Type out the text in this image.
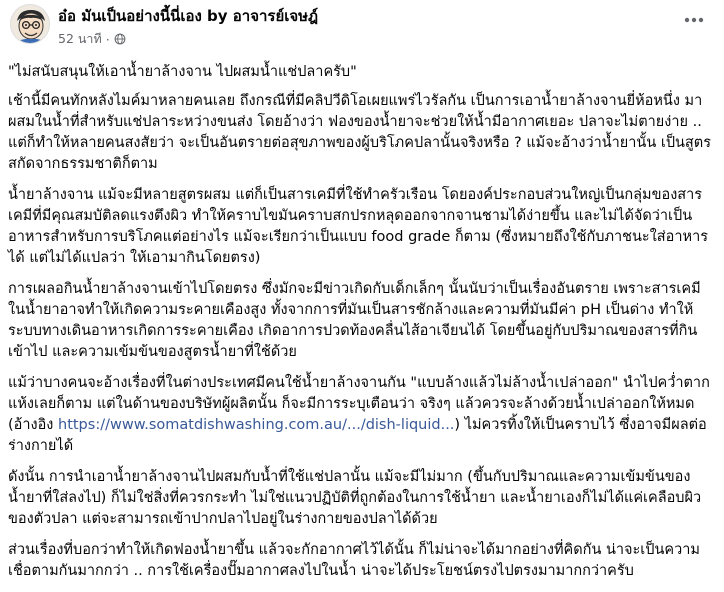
อ๋อ มันเป็นอย่างนี้นี่เอง by อาจารย์เจษฎ์
52 นาที ·

"ไม่สนับสนุนให้เอาน้ำยาล้างจาน ไปผสมน้ำแช่ปลาครับ"

เช้านี้มีคนทักหลังไมค์มาหลายคนเลย ถึงกรณีที่มีคลิปวีดิโอเผยแพร่ไวรัลกัน เป็นการเอาน้ำยาล้างจานยี่ห้อหนึ่ง มาผสมในน้ำที่สำหรับแช่ปลาระหว่างขนส่ง โดยอ้างว่า ฟองของน้ำยาจะช่วยให้น้ำมีอากาศเยอะ ปลาจะไม่ตายง่าย .. แต่ก็ทำให้หลายคนสงสัยว่า จะเป็นอันตรายต่อสุขภาพของผู้บริโภคปลานั้นจริงหรือ ? แม้จะอ้างว่าน้ำยานั้น เป็นสูตรสกัดจากธรรมชาติก็ตาม

น้ำยาล้างจาน แม้จะมีหลายสูตรผสม แต่ก็เป็นสารเคมีที่ใช้ทำครัวเรือน โดยองค์ประกอบส่วนใหญ่เป็นกลุ่มของสารเคมีที่มีคุณสมบัติลดแรงตึงผิว ทำให้คราบไขมันคราบสกปรกหลุดออกจากจานชามได้ง่ายขึ้น และไม่ได้จัดว่าเป็นอาหารสำหรับการบริโภคแต่อย่างไร แม้จะเรียกว่าเป็นแบบ food grade ก็ตาม (ซึ่งหมายถึงใช้กับภาชนะใส่อาหารได้ แต่ไม่ได้แปลว่า ให้เอามากินโดยตรง)

การเผลอกินน้ำยาล้างจานเข้าไปโดยตรง ซึ่งมักจะมีข่าวเกิดกับเด็กเล็กๆ นั้นนับว่าเป็นเรื่องอันตราย เพราะสารเคมีในน้ำยาอาจทำให้เกิดความระคายเคืองสูง ทั้งจากการที่มันเป็นสารชักล้างและความที่มันมีค่า pH เป็นด่าง ทำให้ระบบทางเดินอาหารเกิดการระคายเคือง เกิดอาการปวดท้องคลื่นไส้อาเจียนได้ โดยขึ้นอยู่กับปริมาณของสารที่กินเข้าไป และความเข้มข้นของสูตรน้ำยาที่ใช้ด้วย

แม้ว่าบางคนจะอ้างเรื่องที่ในต่างประเทศมีคนใช้น้ำยาล้างจานกัน "แบบล้างแล้วไม่ล้างน้ำเปล่าออก" นำไปคว่ำตากแห้งเลยก็ตาม แต่ในด้านของบริษัทผู้ผลิตนั้น ก็จะมีการระบุเตือนว่า จริงๆ แล้วควรจะล้างด้วยน้ำเปล่าออกให้หมด (อ้างอิง https://www.somatdishwashing.com.au/.../dish-liquid...) ไม่ควรทิ้งให้เป็นคราบไว้ ซึ่งอาจมีผลต่อร่างกายได้

ดังนั้น การนำเอาน้ำยาล้างจานไปผสมกับน้ำที่ใช้แช่ปลานั้น แม้จะมีไม่มาก (ขึ้นกับปริมาณและความเข้มข้นของน้ำยาที่ใส่ลงไป) ก็ไม่ใช่สิ่งที่ควรกระทำ ไม่ใช่แนวปฏิบัติที่ถูกต้องในการใช้น้ำยา และน้ำยาเองก็ไม่ได้แค่เคลือบผิวของตัวปลา แต่จะสามารถเข้าปากปลาไปอยู่ในร่างกายของปลาได้ด้วย

ส่วนเรื่องที่บอกว่าทำให้เกิดฟองน้ำยาขึ้น แล้วจะกักอากาศไว้ได้นั้น ก็ไม่น่าจะได้มากอย่างที่คิดกัน น่าจะเป็นความเชื่อตามกันมากกว่า .. การใช้เครื่องปั๊มอากาศลงไปในน้ำ น่าจะได้ประโยชน์ตรงไปตรงมามากกว่าครับ
